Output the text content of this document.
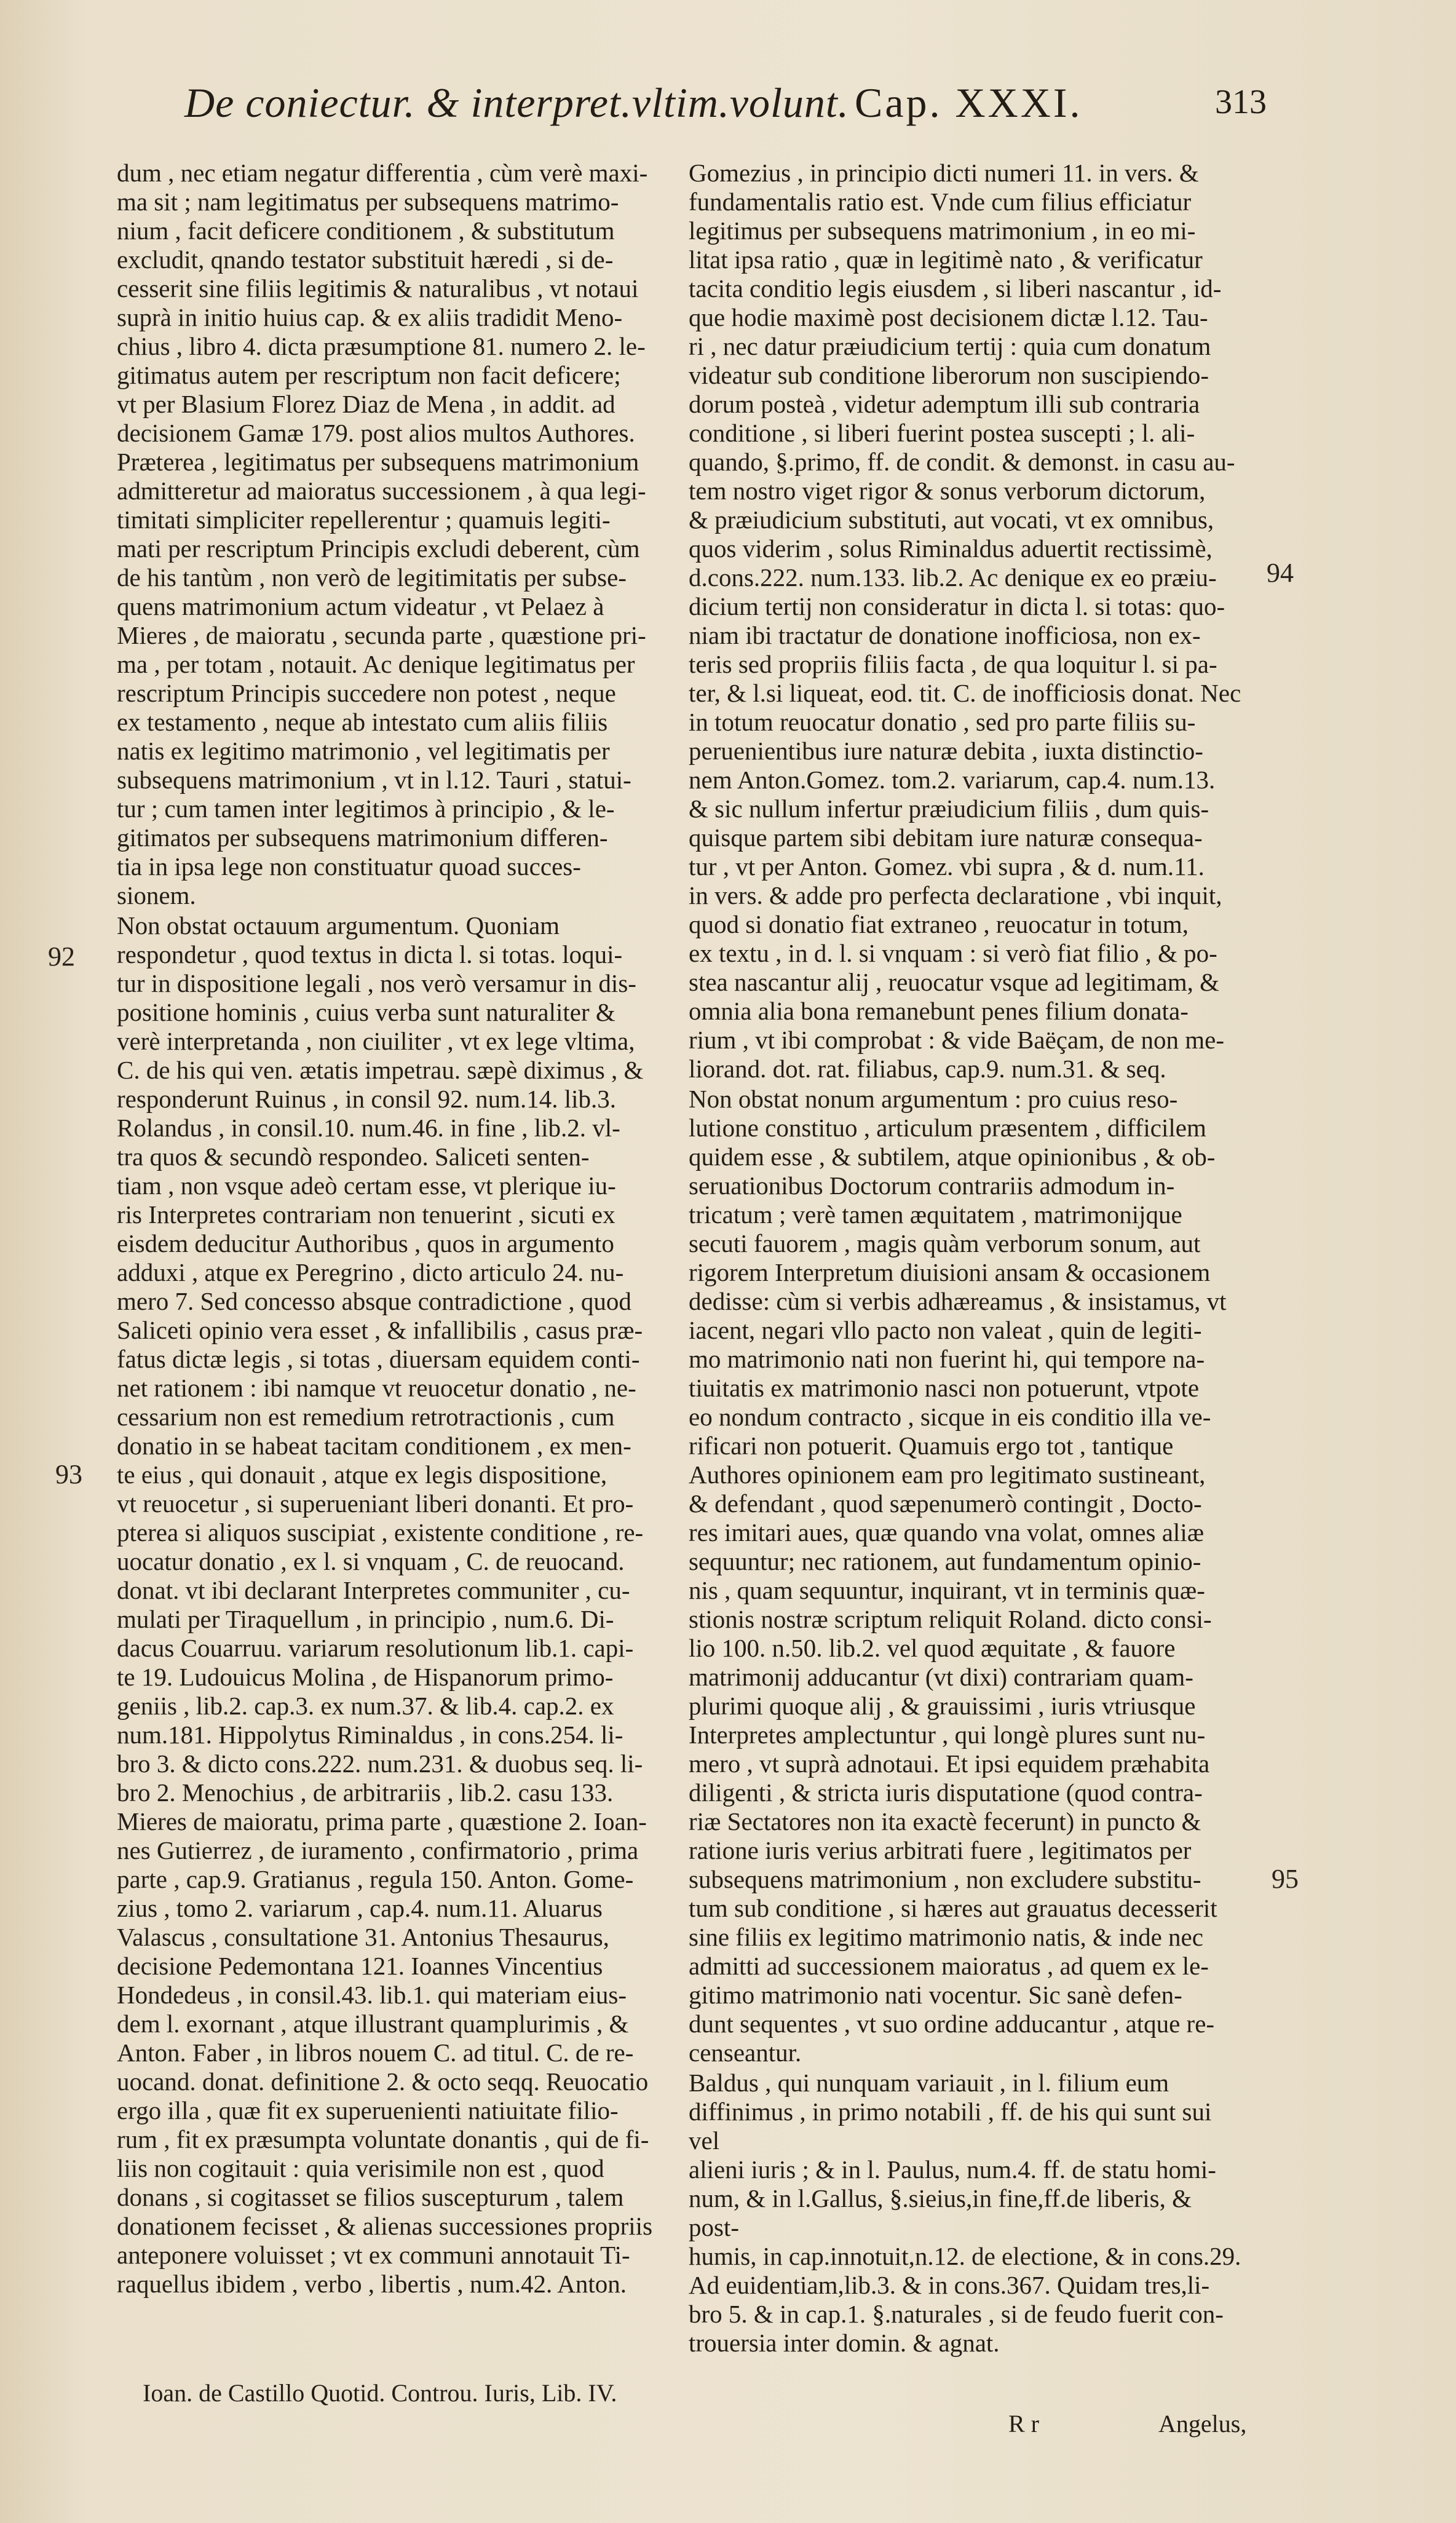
De coniectur. & interpret.vltim.volunt. Cap. XXXI.	313

dum , nec etiam negatur differentia , cùm verè maxi-
ma sit ; nam legitimatus per subsequens matrimo-
nium , facit deficere conditionem , & substitutum
excludit, qnando testator substituit hæredi , si de-
cesserit sine filiis legitimis & naturalibus , vt notaui
suprà in initio huius cap. & ex aliis tradidit Meno-
chius , libro 4. dicta præsumptione 81. numero 2. le-
gitimatus autem per rescriptum non facit deficere;
vt per Blasium Florez Diaz de Mena , in addit. ad
decisionem Gamæ 179. post alios multos Authores.
Præterea , legitimatus per subsequens matrimonium
admitteretur ad maioratus successionem , à qua legi-
timitati simpliciter repellerentur ; quamuis legiti-
mati per rescriptum Principis excludi deberent, cùm
de his tantùm , non verò de legitimitatis per subse-
quens matrimonium actum videatur , vt Pelaez à
Mieres , de maioratu , secunda parte , quæstione pri-
ma , per totam , notauit. Ac denique legitimatus per
rescriptum Principis succedere non potest , neque
ex testamento , neque ab intestato cum aliis filiis
natis ex legitimo matrimonio , vel legitimatis per
subsequens matrimonium , vt in l.12. Tauri , statui-
tur ; cum tamen inter legitimos à principio , & le-
gitimatos per subsequens matrimonium differen-
tia in ipsa lege non constituatur quoad succes-
sionem.

Non obstat octauum argumentum. Quoniam
respondetur , quod textus in dicta l. si totas. loqui-
tur in dispositione legali , nos verò versamur in dis-
positione hominis , cuius verba sunt naturaliter &
verè interpretanda , non ciuiliter , vt ex lege vltima,
C. de his qui ven. ætatis impetrau. sæpè diximus , &
responderunt Ruinus , in consil 92. num.14. lib.3.
Rolandus , in consil.10. num.46. in fine , lib.2. vl-
tra quos & secundò respondeo. Saliceti senten-
tiam , non vsque adeò certam esse, vt plerique iu-
ris Interpretes contrariam non tenuerint , sicuti ex
eisdem deducitur Authoribus , quos in argumento
adduxi , atque ex Peregrino , dicto articulo 24. nu-
mero 7. Sed concesso absque contradictione , quod
Saliceti opinio vera esset , & infallibilis , casus præ-
fatus dictæ legis , si totas , diuersam equidem conti-
net rationem : ibi namque vt reuocetur donatio , ne-
cessarium non est remedium retrotractionis , cum
donatio in se habeat tacitam conditionem , ex men-
te eius , qui donauit , atque ex legis dispositione,
vt reuocetur , si superueniant liberi donanti. Et pro-
pterea si aliquos suscipiat , existente conditione , re-
uocatur donatio , ex l. si vnquam , C. de reuocand.
donat. vt ibi declarant Interpretes communiter , cu-
mulati per Tiraquellum , in principio , num.6. Di-
dacus Couarruu. variarum resolutionum lib.1. capi-
te 19. Ludouicus Molina , de Hispanorum primo-
geniis , lib.2. cap.3. ex num.37. & lib.4. cap.2. ex
num.181. Hippolytus Riminaldus , in cons.254. li-
bro 3. & dicto cons.222. num.231. & duobus seq. li-
bro 2. Menochius , de arbitrariis , lib.2. casu 133.
Mieres de maioratu, prima parte , quæstione 2. Ioan-
nes Gutierrez , de iuramento , confirmatorio , prima
parte , cap.9. Gratianus , regula 150. Anton. Gome-
zius , tomo 2. variarum , cap.4. num.11. Aluarus
Valascus , consultatione 31. Antonius Thesaurus,
decisione Pedemontana 121. Ioannes Vincentius
Hondedeus , in consil.43. lib.1. qui materiam eius-
dem l. exornant , atque illustrant quamplurimis , &
Anton. Faber , in libros nouem C. ad titul. C. de re-
uocand. donat. definitione 2. & octo seqq. Reuocatio
ergo illa , quæ fit ex superuenienti natiuitate filio-
rum , fit ex præsumpta voluntate donantis , qui de fi-
liis non cogitauit : quia verisimile non est , quod
donans , si cogitasset se filios suscepturum , talem
donationem fecisset , & alienas successiones propriis
anteponere voluisset ; vt ex communi annotauit Ti-
raquellus ibidem , verbo , libertis , num.42. Anton.

Gomezius , in principio dicti numeri 11. in vers. &
fundamentalis ratio est. Vnde cum filius efficiatur
legitimus per subsequens matrimonium , in eo mi-
litat ipsa ratio , quæ in legitimè nato , & verificatur
tacita conditio legis eiusdem , si liberi nascantur , id-
que hodie maximè post decisionem dictæ l.12. Tau-
ri , nec datur præiudicium tertij : quia cum donatum
videatur sub conditione liberorum non suscipiendo-
dorum posteà , videtur ademptum illi sub contraria
conditione , si liberi fuerint postea suscepti ; l. ali-
quando, §.primo, ff. de condit. & demonst. in casu au-
tem nostro viget rigor & sonus verborum dictorum,
& præiudicium substituti, aut vocati, vt ex omnibus,
quos viderim , solus Riminaldus aduertit rectissimè,
d.cons.222. num.133. lib.2. Ac denique ex eo præiu-
dicium tertij non consideratur in dicta l. si totas: quo-
niam ibi tractatur de donatione inofficiosa, non ex-
teris sed propriis filiis facta , de qua loquitur l. si pa-
ter, & l.si liqueat, eod. tit. C. de inofficiosis donat. Nec
in totum reuocatur donatio , sed pro parte filiis su-
peruenientibus iure naturæ debita , iuxta distinctio-
nem Anton.Gomez. tom.2. variarum, cap.4. num.13.
& sic nullum infertur præiudicium filiis , dum quis-
quisque partem sibi debitam iure naturæ consequa-
tur , vt per Anton. Gomez. vbi supra , & d. num.11.
in vers. & adde pro perfecta declaratione , vbi inquit,
quod si donatio fiat extraneo , reuocatur in totum,
ex textu , in d. l. si vnquam : si verò fiat filio , & po-
stea nascantur alij , reuocatur vsque ad legitimam, &
omnia alia bona remanebunt penes filium donata-
rium , vt ibi comprobat : & vide Baëçam, de non me-
liorand. dot. rat. filiabus, cap.9. num.31. & seq.

Non obstat nonum argumentum : pro cuius reso-
lutione constituo , articulum præsentem , difficilem
quidem esse , & subtilem, atque opinionibus , & ob-
seruationibus Doctorum contrariis admodum in-
tricatum ; verè tamen æquitatem , matrimonijque
secuti fauorem , magis quàm verborum sonum, aut
rigorem Interpretum diuisioni ansam & occasionem
dedisse: cùm si verbis adhæreamus , & insistamus, vt
iacent, negari vllo pacto non valeat , quin de legiti-
mo matrimonio nati non fuerint hi, qui tempore na-
tiuitatis ex matrimonio nasci non potuerunt, vtpote
eo nondum contracto , sicque in eis conditio illa ve-
rificari non potuerit. Quamuis ergo tot , tantique
Authores opinionem eam pro legitimato sustineant,
& defendant , quod sæpenumerò contingit , Docto-
res imitari aues, quæ quando vna volat, omnes aliæ
sequuntur; nec rationem, aut fundamentum opinio-
nis , quam sequuntur, inquirant, vt in terminis quæ-
stionis nostræ scriptum reliquit Roland. dicto consi-
lio 100. n.50. lib.2. vel quod æquitate , & fauore
matrimonij adducantur (vt dixi) contrariam quam-
plurimi quoque alij , & grauissimi , iuris vtriusque
Interpretes amplectuntur , qui longè plures sunt nu-
mero , vt suprà adnotaui. Et ipsi equidem præhabita
diligenti , & stricta iuris disputatione (quod contra-
riæ Sectatores non ita exactè fecerunt) in puncto &
ratione iuris verius arbitrati fuere , legitimatos per
subsequens matrimonium , non excludere substitu-
tum sub conditione , si hæres aut grauatus decesserit
sine filiis ex legitimo matrimonio natis, & inde nec
admitti ad successionem maioratus , ad quem ex le-
gitimo matrimonio nati vocentur. Sic sanè defen-
dunt sequentes , vt suo ordine adducantur , atque re-
censeantur.

Baldus , qui nunquam variauit , in l. filium eum
diffinimus , in primo notabili , ff. de his qui sunt sui vel
alieni iuris ; & in l. Paulus, num.4. ff. de statu homi-
num, & in l.Gallus, §.sieius,in fine,ff.de liberis, & post-
humis, in cap.innotuit,n.12. de electione, & in cons.29.
Ad euidentiam,lib.3. & in cons.367. Quidam tres,li-
bro 5. & in cap.1. §.naturales , si de feudo fuerit con-
trouersia inter domin. & agnat.

92
93
94
95
Ioan. de Castillo Quotid. Controu. Iuris, Lib. IV.
R r	Angelus,
